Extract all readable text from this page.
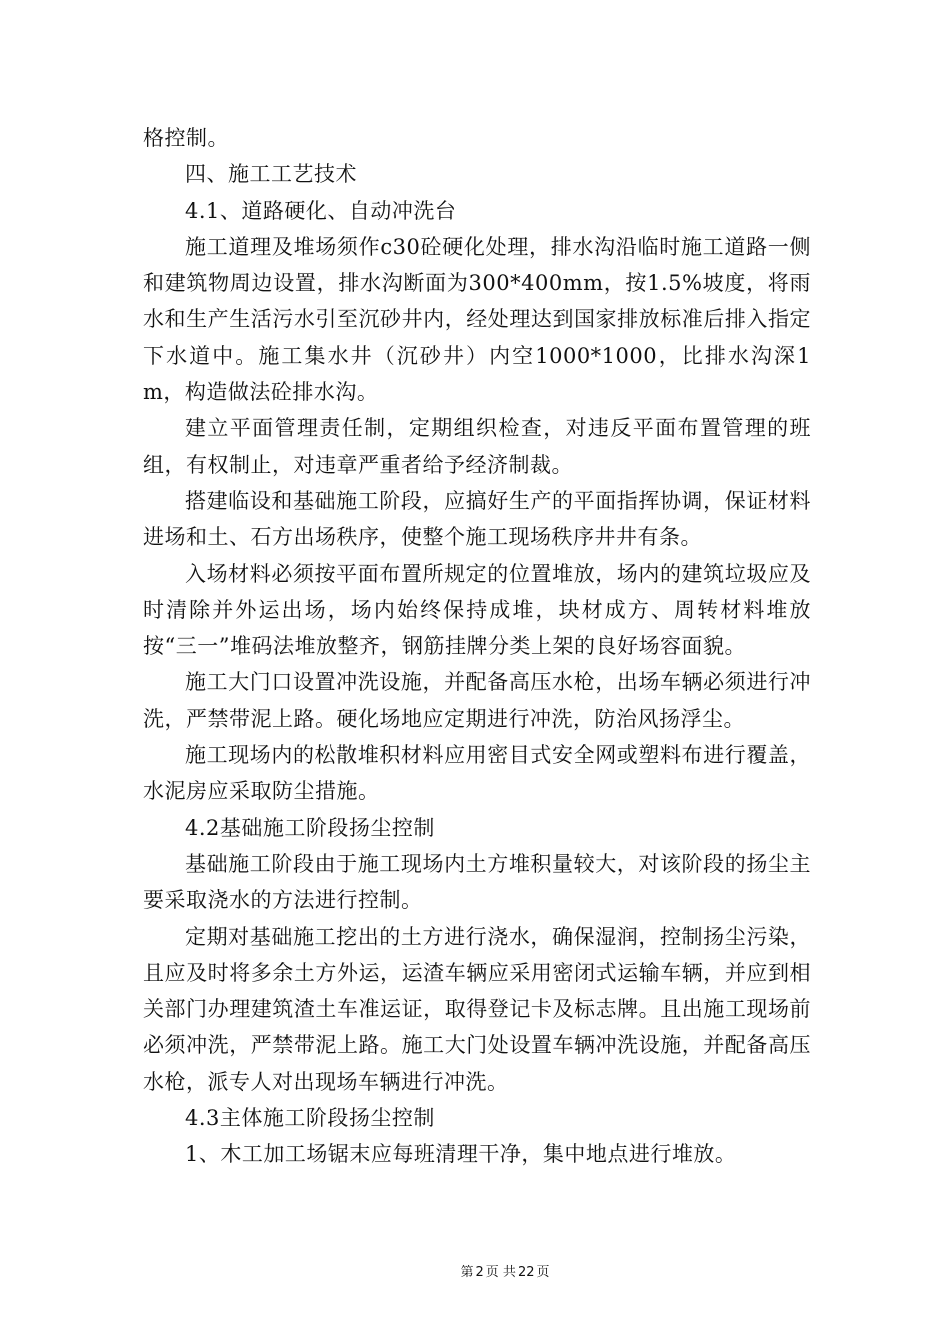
格控制。

四、施工工艺技术

4.1、道路硬化、自动冲洗台

施工道理及堆场须作c30砼硬化处理，排水沟沿临时施工道路一侧和建筑物周边设置，排水沟断面为300*400mm，按1.5%坡度，将雨水和生产生活污水引至沉砂井内，经处理达到国家排放标准后排入指定下水道中。施工集水井（沉砂井）内空1000*1000，比排水沟深1m，构造做法砼排水沟。

建立平面管理责任制，定期组织检查，对违反平面布置管理的班组，有权制止，对违章严重者给予经济制裁。

搭建临设和基础施工阶段，应搞好生产的平面指挥协调，保证材料进场和土、石方出场秩序，使整个施工现场秩序井井有条。

入场材料必须按平面布置所规定的位置堆放，场内的建筑垃圾应及时清除并外运出场，场内始终保持成堆，块材成方、周转材料堆放按“三一”堆码法堆放整齐，钢筋挂牌分类上架的良好场容面貌。

施工大门口设置冲洗设施，并配备高压水枪，出场车辆必须进行冲洗，严禁带泥上路。硬化场地应定期进行冲洗，防治风扬浮尘。

施工现场内的松散堆积材料应用密目式安全网或塑料布进行覆盖，水泥房应采取防尘措施。

4.2基础施工阶段扬尘控制

基础施工阶段由于施工现场内土方堆积量较大，对该阶段的扬尘主要采取浇水的方法进行控制。

定期对基础施工挖出的土方进行浇水，确保湿润，控制扬尘污染，且应及时将多余土方外运，运渣车辆应采用密闭式运输车辆，并应到相关部门办理建筑渣土车准运证，取得登记卡及标志牌。且出施工现场前必须冲洗，严禁带泥上路。施工大门处设置车辆冲洗设施，并配备高压水枪，派专人对出现场车辆进行冲洗。

4.3主体施工阶段扬尘控制

1、木工加工场锯末应每班清理干净，集中地点进行堆放。

第 2 页 共 22 页
